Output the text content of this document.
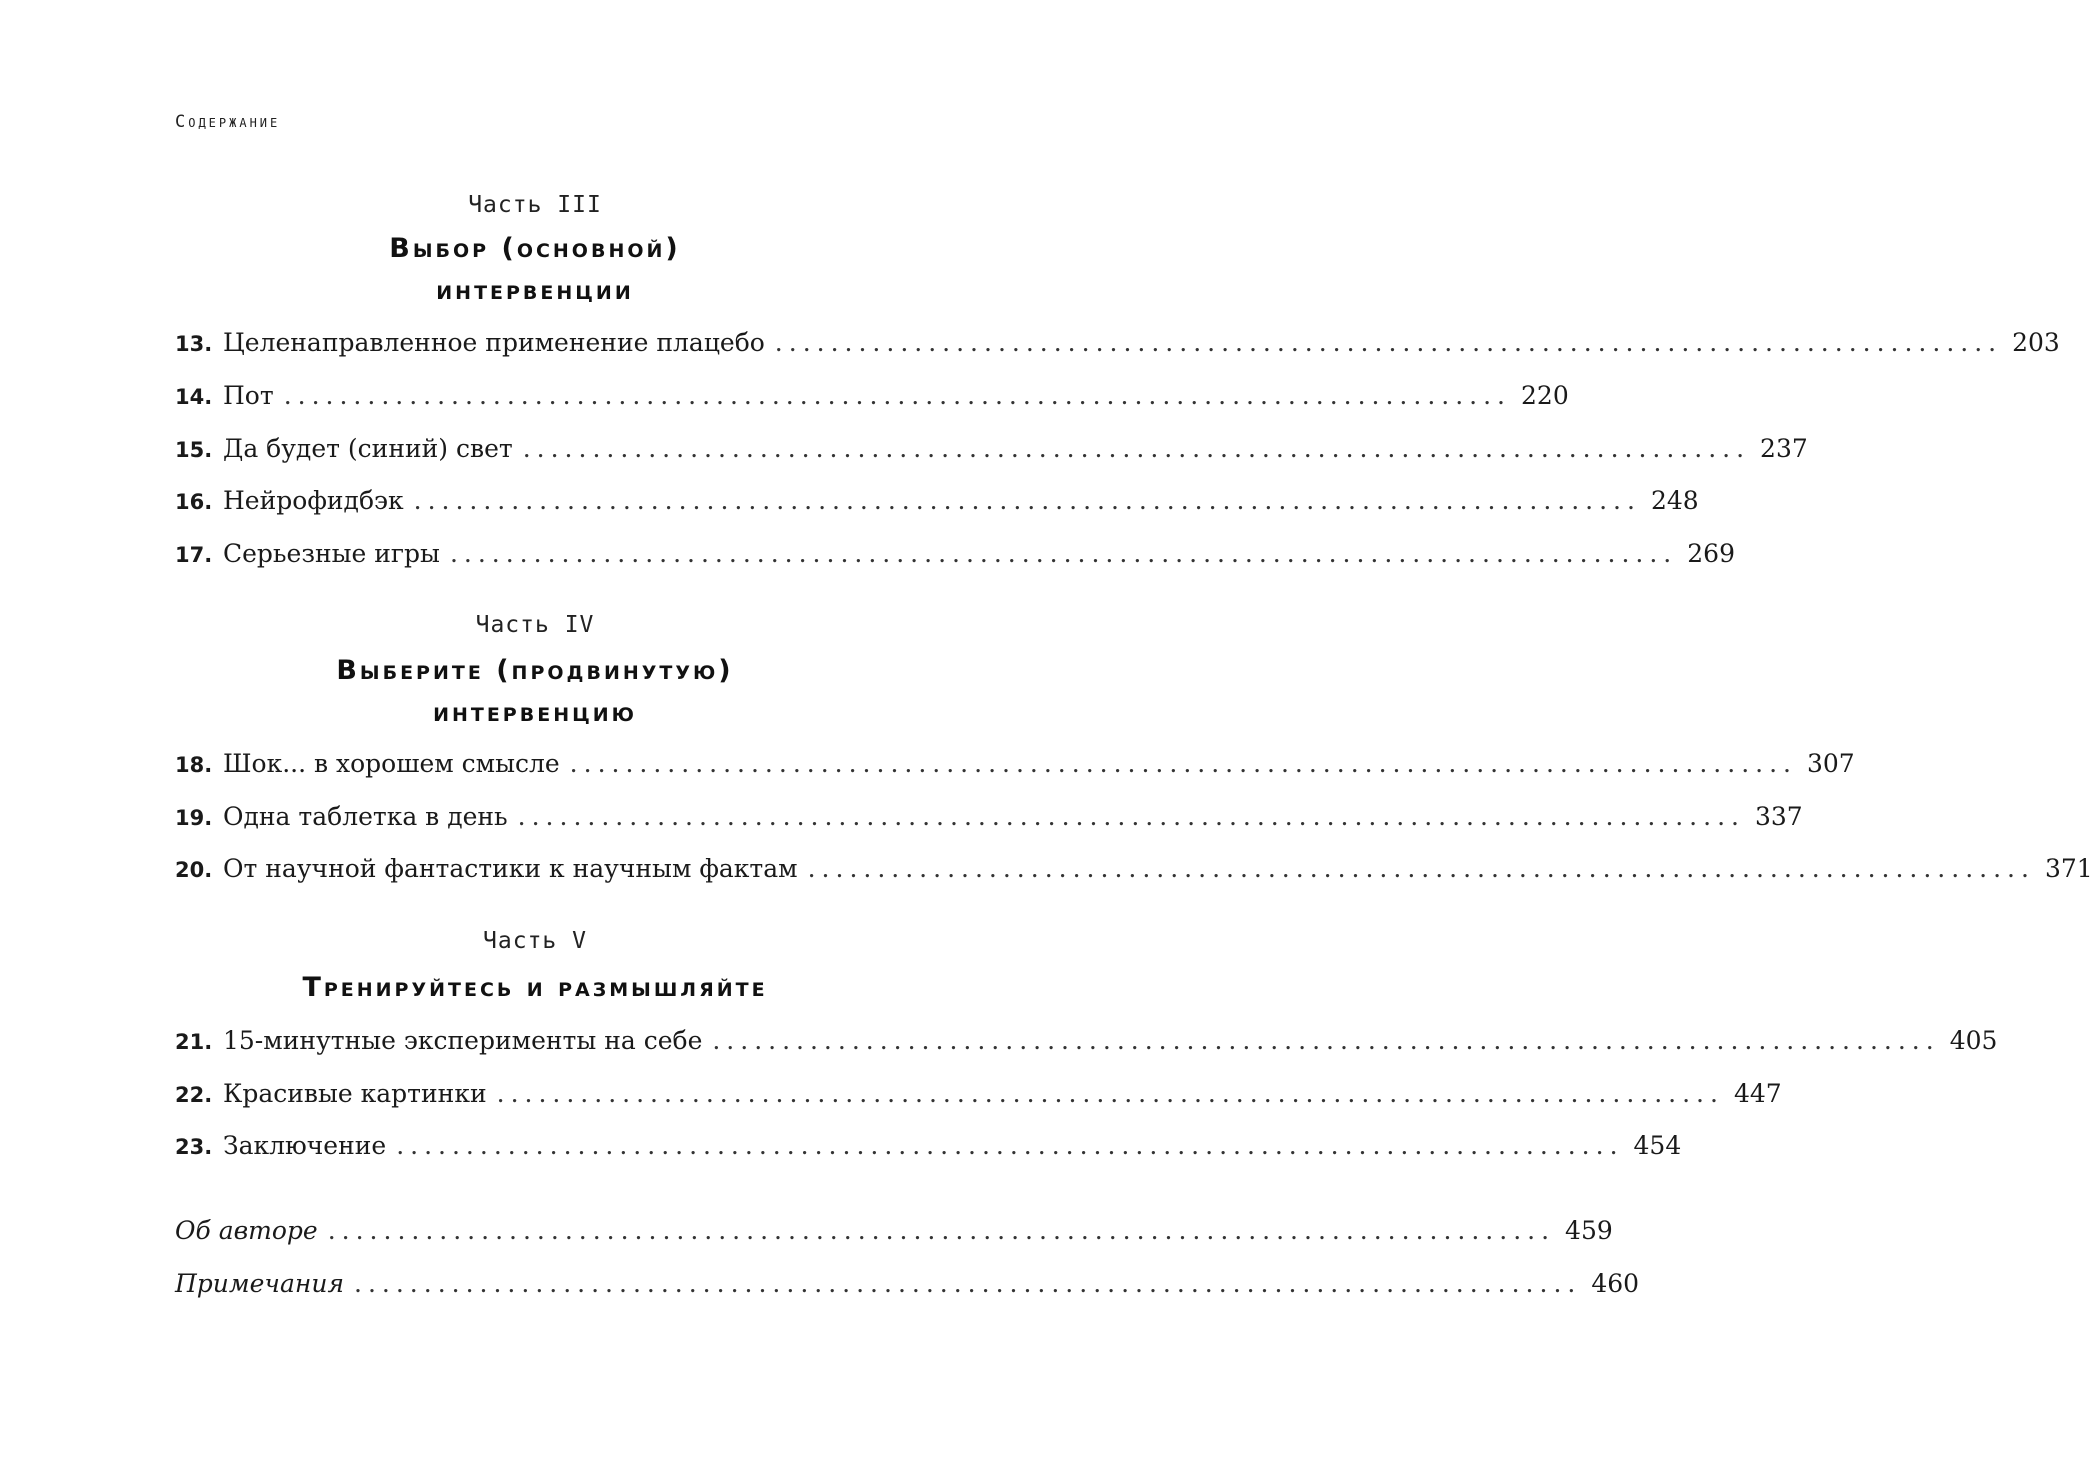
Содержание
Часть III
Выбор (основной)
интервенции
13. Целенаправленное применение плацебо ........................................................................................ 203
14. Пот ........................................................................................ 220
15. Да будет (синий) свет ........................................................................................ 237
16. Нейрофидбэк ........................................................................................ 248
17. Серьезные игры ........................................................................................ 269
Часть IV
Выберите (продвинутую)
интервенцию
18. Шок... в хорошем смысле ........................................................................................ 307
19. Одна таблетка в день ........................................................................................ 337
20. От научной фантастики к научным фактам ........................................................................................ 371
Часть V
Тренируйтесь и размышляйте
21. 15-минутные эксперименты на себе ........................................................................................ 405
22. Красивые картинки ........................................................................................ 447
23. Заключение ........................................................................................ 454
Об авторе ........................................................................................ 459
Примечания ........................................................................................ 460
